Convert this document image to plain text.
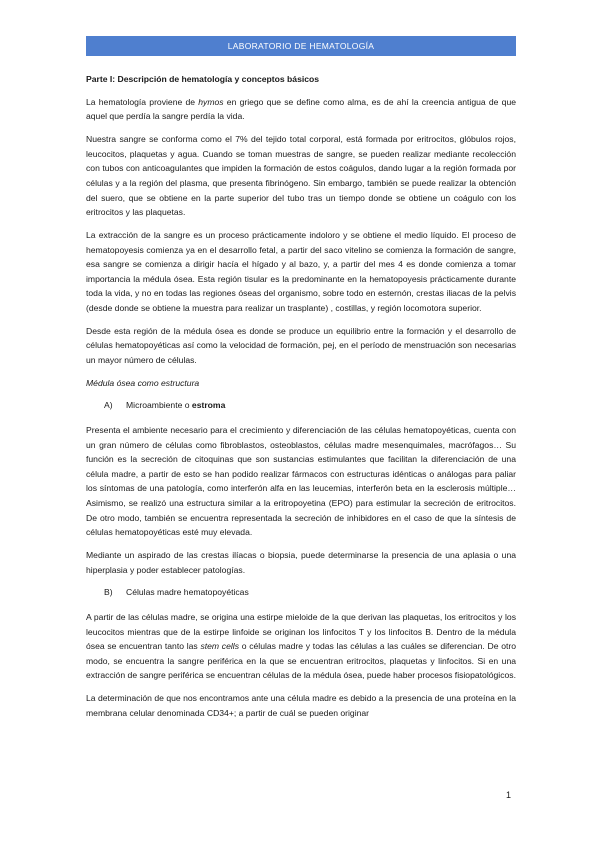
LABORATORIO DE HEMATOLOGÍA

Parte I: Descripción de hematología y conceptos básicos

La hematología proviene de hymos en griego que se define como alma, es de ahí la creencia antigua de que aquel que perdía la sangre perdía la vida.

Nuestra sangre se conforma como el 7% del tejido total corporal, está formada por eritrocitos, glóbulos rojos, leucocitos, plaquetas y agua. Cuando se toman muestras de sangre, se pueden realizar mediante recolección con tubos con anticoagulantes que impiden la formación de estos coágulos, dando lugar a la región formada por células y a la región del plasma, que presenta fibrinógeno. Sin embargo, también se puede realizar la obtención del suero, que se obtiene en la parte superior del tubo tras un tiempo donde se obtiene un coágulo con los eritrocitos y las plaquetas.

La extracción de la sangre es un proceso prácticamente indoloro y se obtiene el medio líquido. El proceso de hematopoyesis comienza ya en el desarrollo fetal, a partir del saco vitelino se comienza la formación de sangre, esa sangre se comienza a dirigir hacía el hígado y al bazo, y, a partir del mes 4 es donde comienza a tomar importancia la médula ósea. Esta región tisular es la predominante en la hematopoyesis prácticamente durante toda la vida, y no en todas las regiones óseas del organismo, sobre todo en esternón, crestas iliacas de la pelvis (desde donde se obtiene la muestra para realizar un trasplante) , costillas, y región locomotora superior.

Desde esta región de la médula ósea es donde se produce un equilibrio entre la formación y el desarrollo de células hematopoyéticas así como la velocidad de formación, pej, en el período de menstruación son necesarias un mayor número de células.

Médula ósea como estructura

A)	Microambiente o estroma

Presenta el ambiente necesario para el crecimiento y diferenciación de las células hematopoyéticas, cuenta con un gran número de células como fibroblastos, osteoblastos, células madre mesenquimales, macrófagos… Su función es la secreción de citoquinas que son sustancias estimulantes que facilitan la diferenciación de una célula madre, a partir de esto se han podido realizar fármacos con estructuras idénticas o análogas para paliar los síntomas de una patología, como interferón alfa en las leucemias, interferón beta en la esclerosis múltiple… Asimismo, se realizó una estructura similar a la eritropoyetina (EPO) para estimular la secreción de eritrocitos. De otro modo, también se encuentra representada la secreción de inhibidores en el caso de que la síntesis de células hematopoyéticas esté muy elevada.

Mediante un aspirado de las crestas ilíacas o biopsia, puede determinarse la presencia de una aplasia o una hiperplasia y poder establecer patologías.

B)	Células madre hematopoyéticas

A partir de las células madre, se origina una estirpe mieloide de la que derivan las plaquetas, los eritrocitos y los leucocitos mientras que de la estirpe linfoide se originan los linfocitos T y los linfocitos B. Dentro de la médula ósea se encuentran tanto las stem cells o células madre y todas las células a las cuáles se diferencian. De otro modo, se encuentra la sangre periférica en la que se encuentran eritrocitos, plaquetas y linfocitos. Si en una extracción de sangre periférica se encuentran células de la médula ósea, puede haber procesos fisiopatológicos.

La determinación de que nos encontramos ante una célula madre es debido a la presencia de una proteína en la membrana celular denominada CD34+; a partir de cuál se pueden originar

1
